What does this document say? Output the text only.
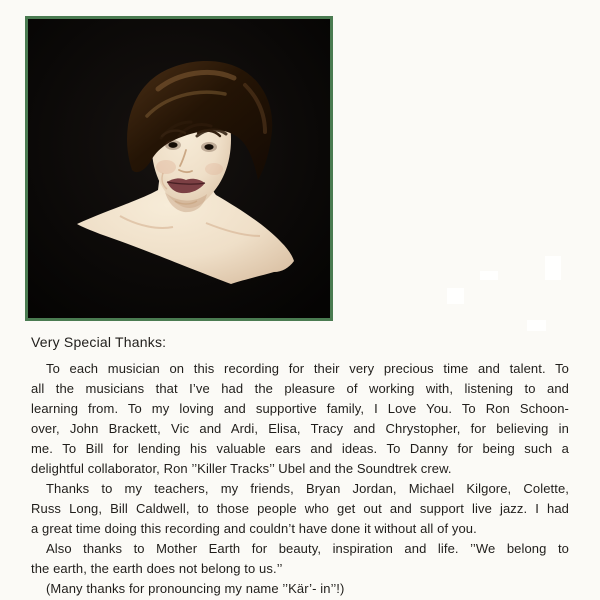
Very Special Thanks:
To each musician on this recording for their very precious time and talent. To
all the musicians that I’ve had the pleasure of working with, listening to and
learning from. To my loving and supportive family, I Love You. To Ron Schoon-
over, John Brackett, Vic and Ardi, Elisa, Tracy and Chrystopher, for believing in
me. To Bill for lending his valuable ears and ideas. To Danny for being such a
delightful collaborator, Ron ’’Killer Tracks’’ Ubel and the Soundtrek crew.
Thanks to my teachers, my friends, Bryan Jordan, Michael Kilgore, Colette,
Russ Long, Bill Caldwell, to those people who get out and support live jazz. I had
a great time doing this recording and couldn’t have done it without all of you.
Also thanks to Mother Earth for beauty, inspiration and life. ’’We belong to
the earth, the earth does not belong to us.’’
(Many thanks for pronouncing my name ’’Kär’- in’’!)
